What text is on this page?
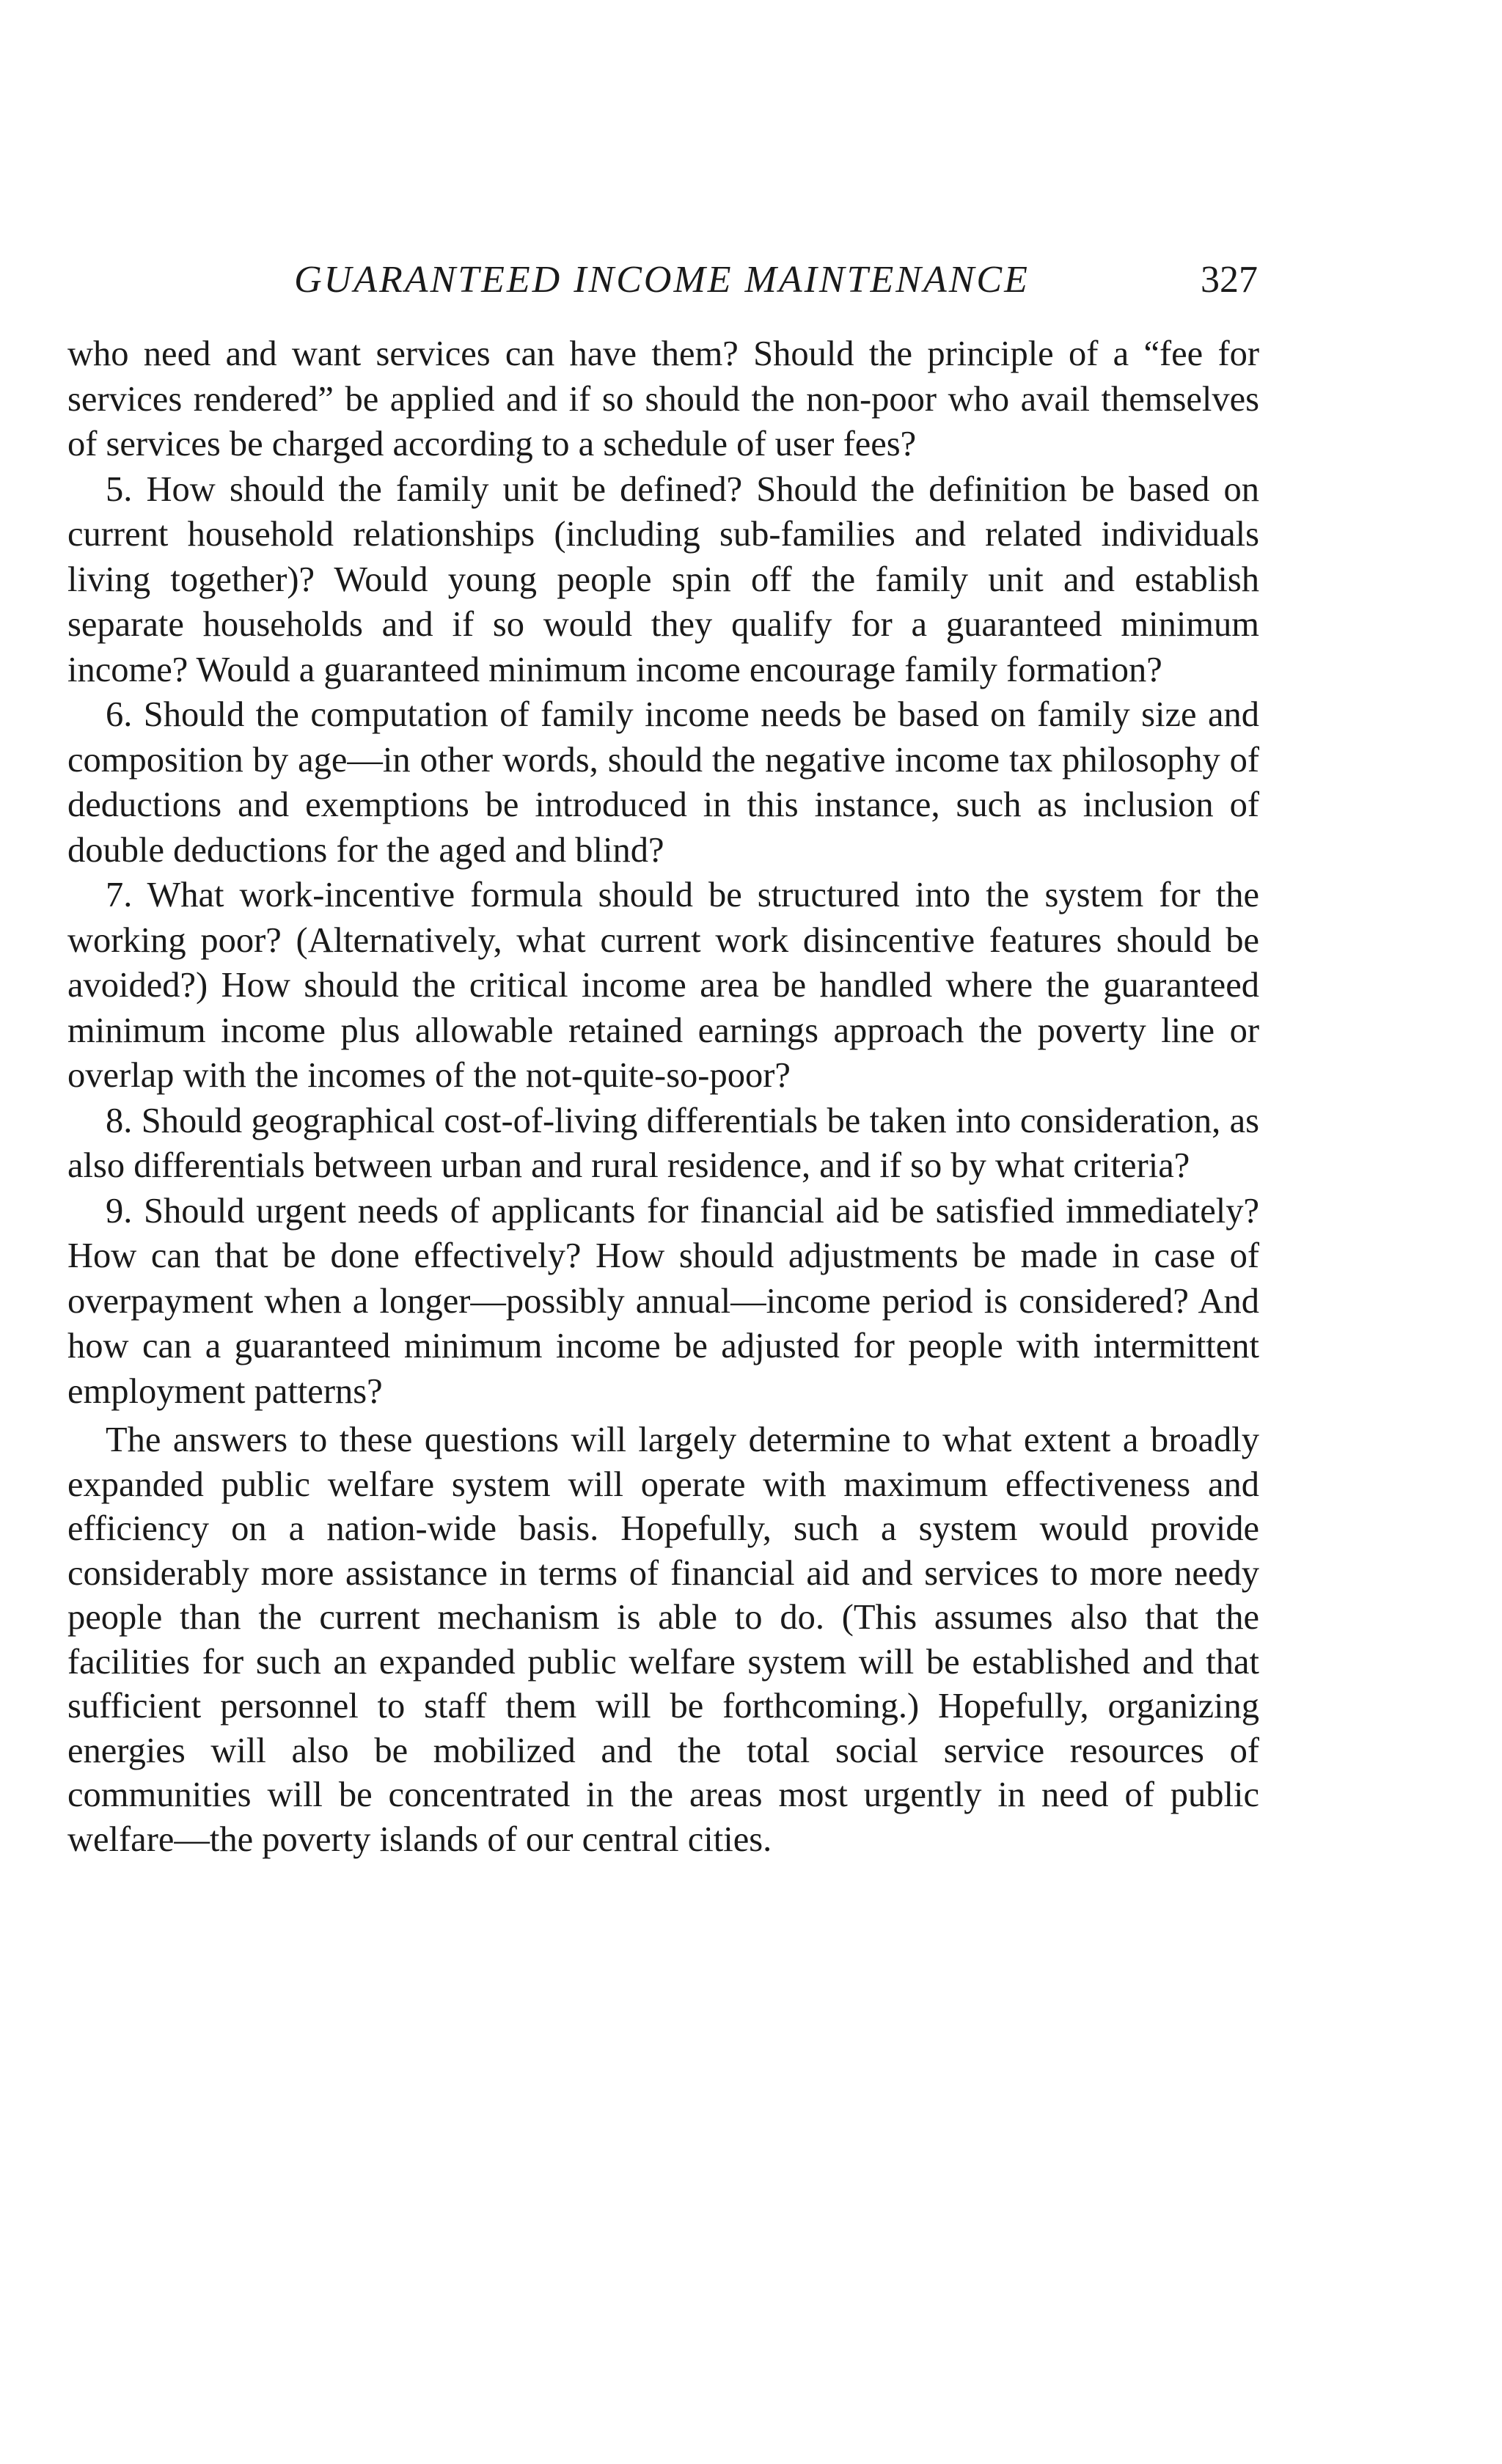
GUARANTEED INCOME MAINTENANCE	327

who need and want services can have them? Should the principle of a “fee for services rendered” be applied and if so should the non-poor who avail themselves of services be charged according to a schedule of user fees?

5. How should the family unit be defined? Should the definition be based on current household relationships (including sub-families and related individuals living together)? Would young people spin off the family unit and establish separate households and if so would they qualify for a guaranteed minimum income? Would a guaranteed minimum income encourage family formation?

6. Should the computation of family income needs be based on family size and composition by age—in other words, should the negative income tax philosophy of deductions and exemptions be introduced in this instance, such as inclusion of double deductions for the aged and blind?

7. What work-incentive formula should be structured into the system for the working poor? (Alternatively, what current work disincentive features should be avoided?) How should the critical income area be handled where the guaranteed minimum income plus allowable retained earnings approach the poverty line or overlap with the incomes of the not-quite-so-poor?

8. Should geographical cost-of-living differentials be taken into consideration, as also differentials between urban and rural residence, and if so by what criteria?

9. Should urgent needs of applicants for financial aid be satisfied immediately? How can that be done effectively? How should adjustments be made in case of overpayment when a longer—possibly annual—income period is considered? And how can a guaranteed minimum income be adjusted for people with intermittent employment patterns?

The answers to these questions will largely determine to what extent a broadly expanded public welfare system will operate with maximum effectiveness and efficiency on a nation-wide basis. Hopefully, such a system would provide considerably more assistance in terms of financial aid and services to more needy people than the current mechanism is able to do. (This assumes also that the facilities for such an expanded public welfare system will be established and that sufficient personnel to staff them will be forthcoming.) Hopefully, organizing energies will also be mobilized and the total social service resources of communities will be concentrated in the areas most urgently in need of public welfare—the poverty islands of our central cities.
